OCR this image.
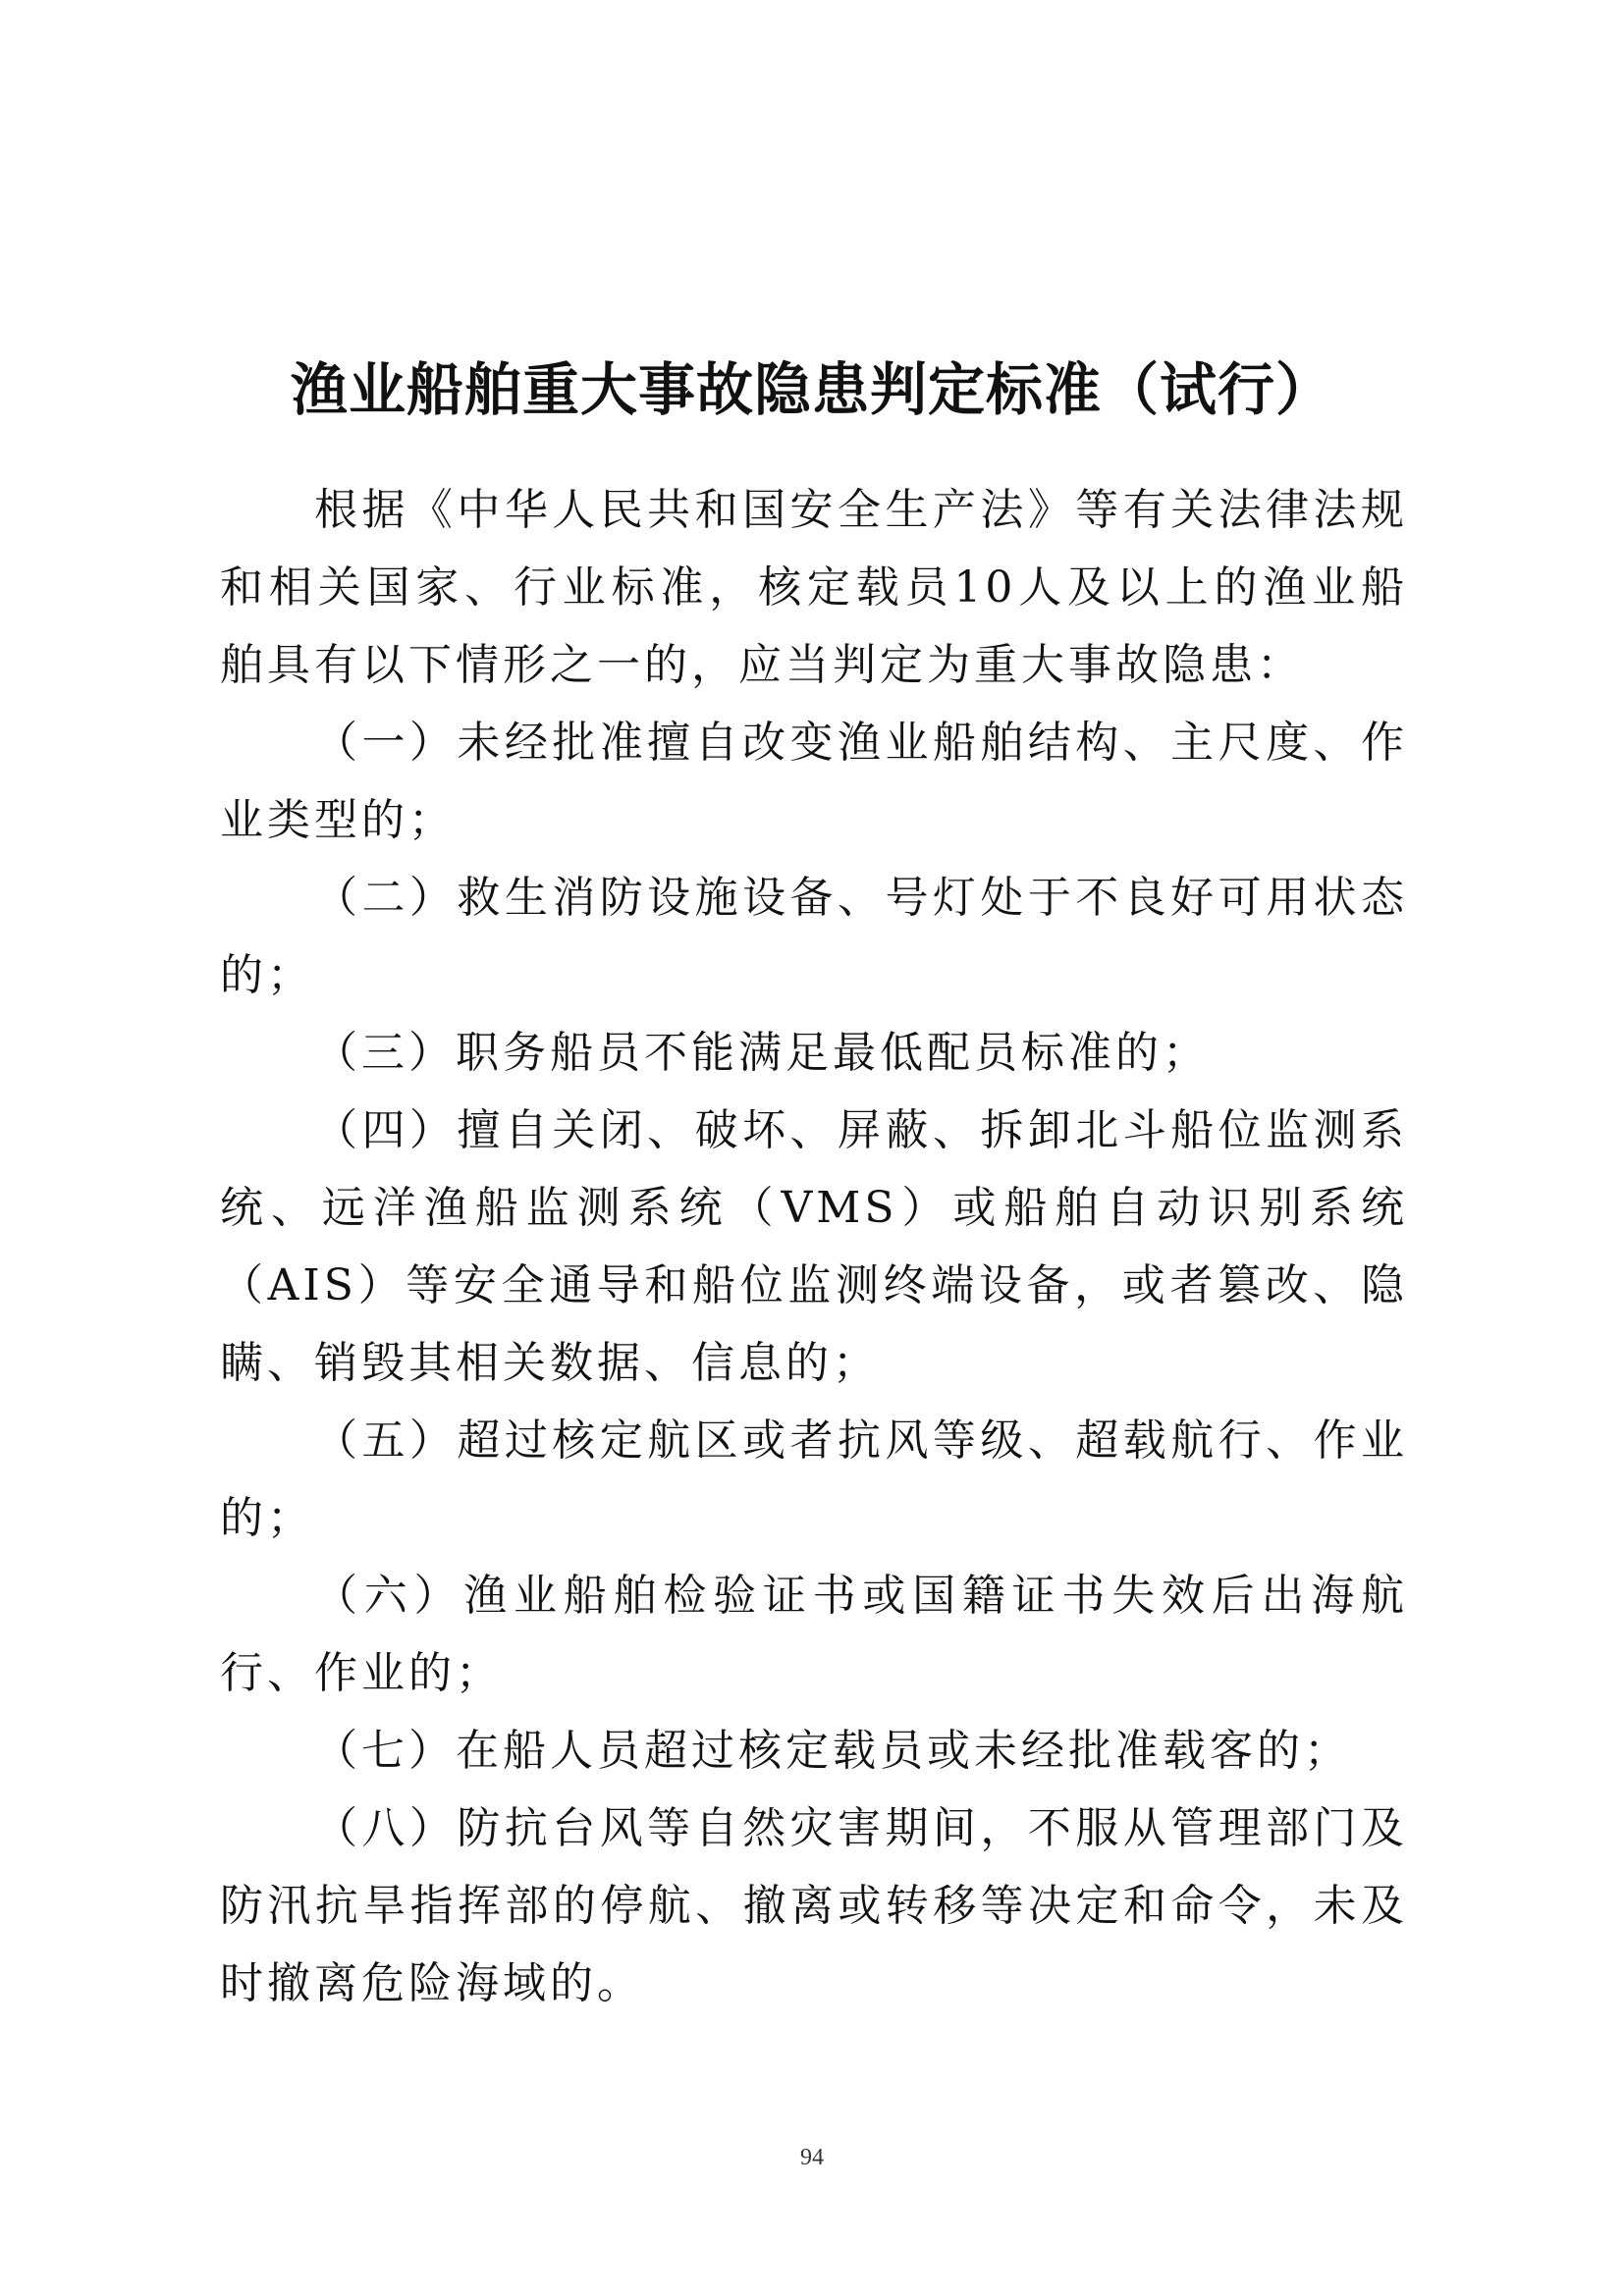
渔业船舶重大事故隐患判定标准（试行）

根据《中华人民共和国安全生产法》等有关法律法规和相关国家、行业标准，核定载员10人及以上的渔业船舶具有以下情形之一的，应当判定为重大事故隐患：

（一）未经批准擅自改变渔业船舶结构、主尺度、作业类型的；

（二）救生消防设施设备、号灯处于不良好可用状态的；

（三）职务船员不能满足最低配员标准的；

（四）擅自关闭、破坏、屏蔽、拆卸北斗船位监测系统、远洋渔船监测系统（VMS）或船舶自动识别系统（AIS）等安全通导和船位监测终端设备，或者篡改、隐瞒、销毁其相关数据、信息的；

（五）超过核定航区或者抗风等级、超载航行、作业的；

（六）渔业船舶检验证书或国籍证书失效后出海航行、作业的；

（七）在船人员超过核定载员或未经批准载客的；

（八）防抗台风等自然灾害期间，不服从管理部门及防汛抗旱指挥部的停航、撤离或转移等决定和命令，未及时撤离危险海域的。

94
